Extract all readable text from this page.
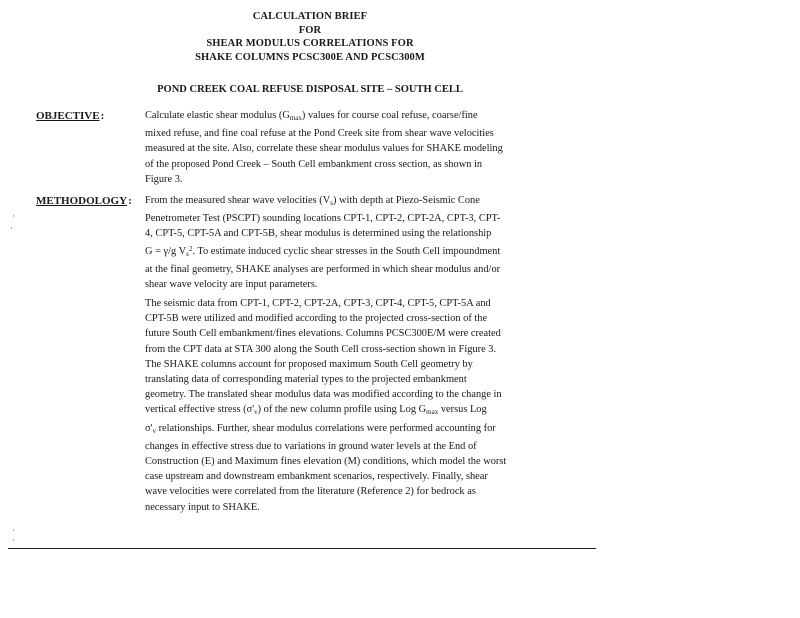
CALCULATION BRIEF
FOR
SHEAR MODULUS CORRELATIONS FOR
SHAKE COLUMNS PCSC300E AND PCSC300M
POND CREEK COAL REFUSE DISPOSAL SITE – SOUTH CELL
OBJECTIVE:	Calculate elastic shear modulus $(G_{max})$ values for course coal refuse, coarse/fine
mixed refuse, and fine coal refuse at the Pond Creek site from shear wave velocities
measured at the site. Also, correlate these shear modulus values for SHAKE modeling
of the proposed Pond Creek – South Cell embankment cross section, as shown in
Figure 3.
METHODOLOGY: From the measured shear wave velocities $(V_s)$ with depth at Piezo-Seismic Cone
Penetrometer Test (PSCPT) sounding locations CPT-1, CPT-2, CPT-2A, CPT-3, CPT-
4, CPT-5, CPT-5A and CPT-5B, shear modulus is determined using the relationship
G = γ/g $V_s^2$. To estimate induced cyclic shear stresses in the South Cell impoundment
at the final geometry, SHAKE analyses are performed in which shear modulus and/or
shear wave velocity are input parameters.
The seismic data from CPT-1, CPT-2, CPT-2A, CPT-3, CPT-4, CPT-5, CPT-5A and
CPT-5B were utilized and modified according to the projected cross-section of the
future South Cell embankment/fines elevations. Columns PCSC300E/M were created
from the CPT data at STA 300 along the South Cell cross-section shown in Figure 3.
The SHAKE columns account for proposed maximum South Cell geometry by
translating data of corresponding material types to the projected embankment
geometry. The translated shear modulus data was modified according to the change in
vertical effective stress $(\sigma'_v)$ of the new column profile using Log $G_{max}$ versus Log
$\sigma'_v$ relationships. Further, shear modulus correlations were performed accounting for
changes in effective stress due to variations in ground water levels at the End of
Construction (E) and Maximum fines elevation (M) conditions, which model the worst
case upstream and downstream embankment scenarios, respectively. Finally, shear
wave velocities were correlated from the literature (Reference 2) for bedrock as
necessary input to SHAKE.
·
·
·
·
